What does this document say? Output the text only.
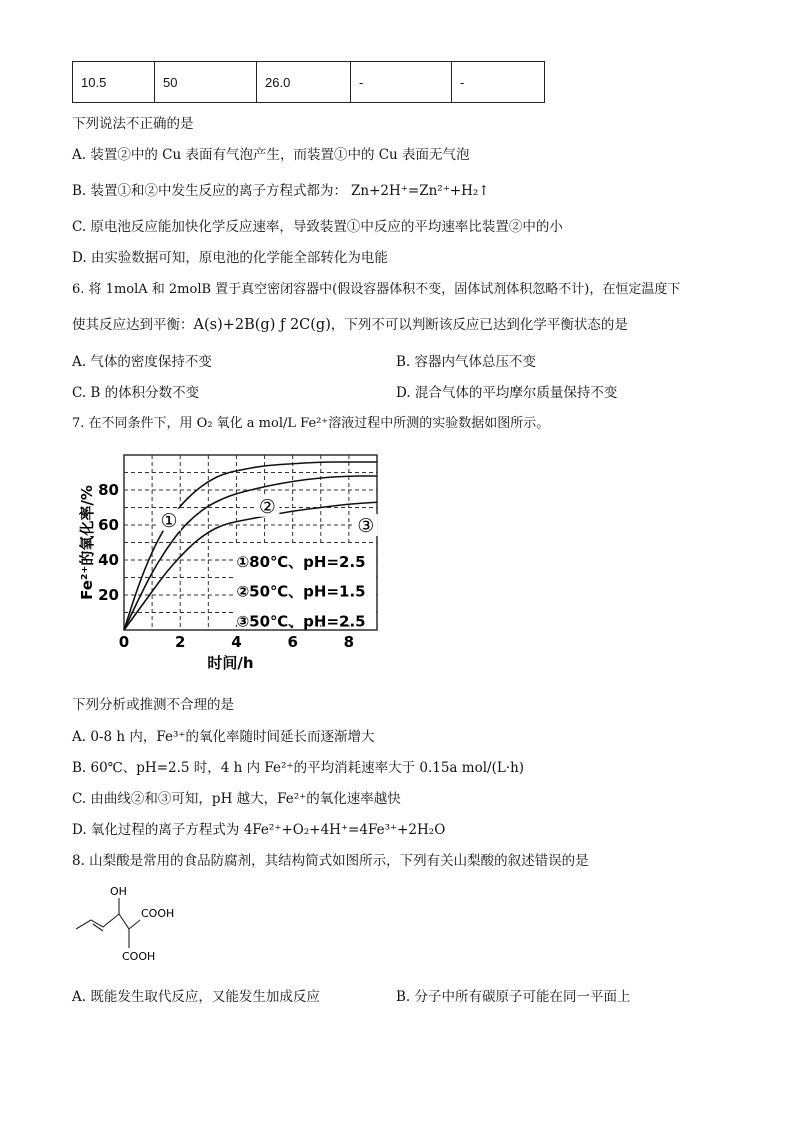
10.5	50	26.0	-	-
下列说法不正确的是
A. 装置②中的 Cu 表面有气泡产生，而装置①中的 Cu 表面无气泡
B. 装置①和②中发生反应的离子方程式都为： Zn+2H⁺=Zn²⁺+H₂↑
C. 原电池反应能加快化学反应速率，导致装置①中反应的平均速率比装置②中的小
D. 由实验数据可知，原电池的化学能全部转化为电能
6. 将 1molA 和 2molB 置于真空密闭容器中(假设容器体积不变，固体试剂体积忽略不计)，在恒定温度下
使其反应达到平衡：A(s)+2B(g) ƒ 2C(g)，下列不可以判断该反应已达到化学平衡状态的是
A. 气体的密度保持不变	B. 容器内气体总压不变
C. B 的体积分数不变	D. 混合气体的平均摩尔质量保持不变
7. 在不同条件下，用 O₂ 氧化 a mol/L Fe²⁺溶液过程中所测的实验数据如图所示。
0	2	4	6	8
20
40
60
80
时间/h
Fe²⁺的氧化率/%	①
②
③
①80℃、pH=2.5
②50℃、pH=1.5
③50℃、pH=2.5
下列分析或推测不合理的是
A. 0-8 h 内，Fe³⁺的氧化率随时间延长而逐渐增大
B. 60℃、pH=2.5 时，4 h 内 Fe²⁺的平均消耗速率大于 0.15a mol/(L·h)
C. 由曲线②和③可知，pH 越大，Fe²⁺的氧化速率越快
D. 氧化过程的离子方程式为 4Fe²⁺+O₂+4H⁺=4Fe³⁺+2H₂O
8. 山梨酸是常用的食品防腐剂，其结构简式如图所示，下列有关山梨酸的叙述错误的是
OH
COOH
COOH
A. 既能发生取代反应，又能发生加成反应	B. 分子中所有碳原子可能在同一平面上
